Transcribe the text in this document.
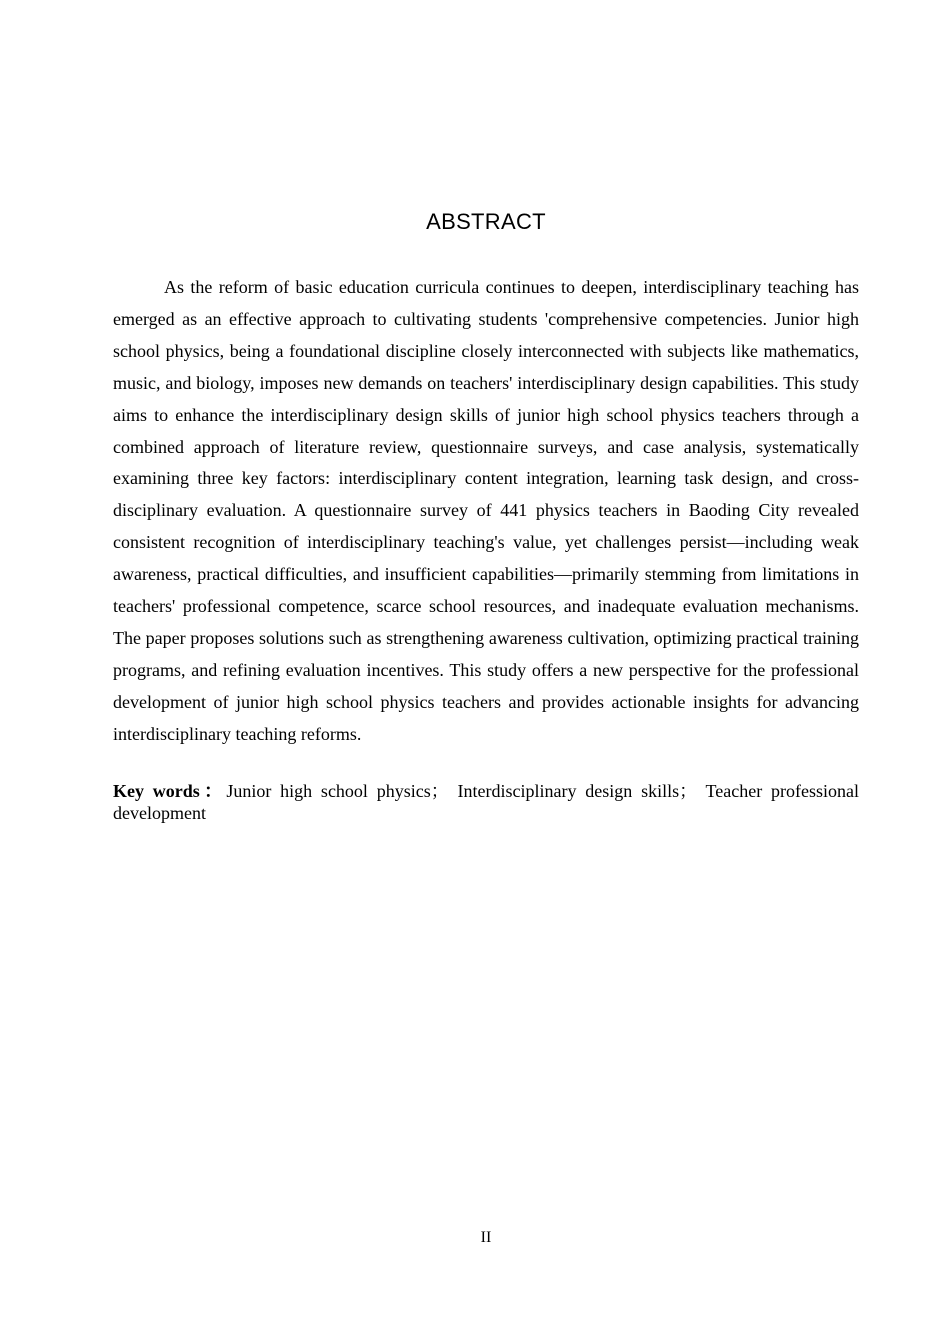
ABSTRACT

As the reform of basic education curricula continues to deepen, interdisciplinary teaching has emerged as an effective approach to cultivating students 'comprehensive competencies. Junior high school physics, being a foundational discipline closely interconnected with subjects like mathematics, music, and biology, imposes new demands on teachers' interdisciplinary design capabilities. This study aims to enhance the interdisciplinary design skills of junior high school physics teachers through a combined approach of literature review, questionnaire surveys, and case analysis, systematically examining three key factors: interdisciplinary content integration, learning task design, and cross-disciplinary evaluation. A questionnaire survey of 441 physics teachers in Baoding City revealed consistent recognition of interdisciplinary teaching's value, yet challenges persist—including weak awareness, practical difficulties, and insufficient capabilities—primarily stemming from limitations in teachers' professional competence, scarce school resources, and inadequate evaluation mechanisms. The paper proposes solutions such as strengthening awareness cultivation, optimizing practical training programs, and refining evaluation incentives. This study offers a new perspective for the professional development of junior high school physics teachers and provides actionable insights for advancing interdisciplinary teaching reforms.

Key words：Junior high school physics； Interdisciplinary design skills； Teacher professional development

II
